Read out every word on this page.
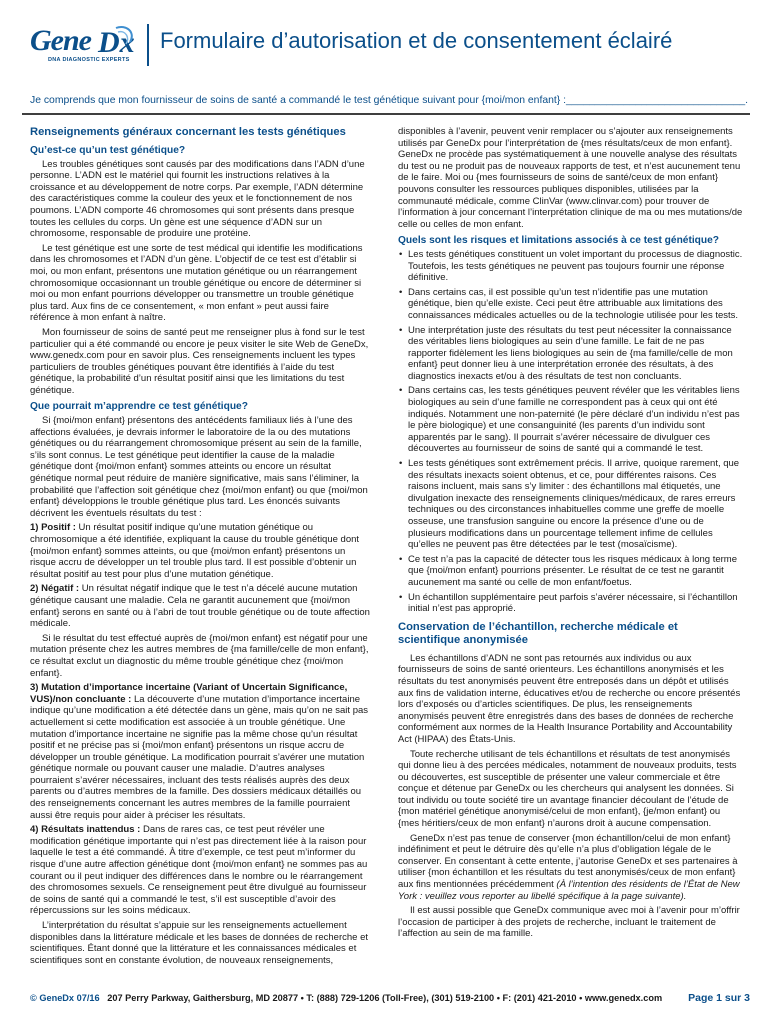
Gene Dx
DNA DIAGNOSTIC EXPERTS
Formulaire d’autorisation et de consentement éclairé
Je comprends que mon fournisseur de soins de santé a commandé le test génétique suivant pour {moi/mon enfant} :_______________________________.
Renseignements généraux concernant les tests génétiques
Qu’est-ce qu’un test génétique?

Les troubles génétiques sont causés par des modifications dans l’ADN d’une personne. L’ADN est le matériel qui fournit les instructions relatives à la croissance et au développement de notre corps. Par exemple, l’ADN détermine des caractéristiques comme la couleur des yeux et le fonctionnement de nos poumons. L’ADN comporte 46 chromosomes qui sont présents dans presque toutes les cellules du corps. Un gène est une séquence d’ADN sur un chromosome, responsable de produire une protéine.

Le test génétique est une sorte de test médical qui identifie les modifications dans les chromosomes et l’ADN d’un gène. L’objectif de ce test est d’établir si moi, ou mon enfant, présentons une mutation génétique ou un réarrangement chromosomique occasionnant un trouble génétique ou encore de déterminer si moi ou mon enfant pourrions développer ou transmettre un trouble génétique plus tard. Aux fins de ce consentement, « mon enfant » peut aussi faire référence à mon enfant à naître.

Mon fournisseur de soins de santé peut me renseigner plus à fond sur le test particulier qui a été commandé ou encore je peux visiter le site Web de GeneDx, www.genedx.com pour en savoir plus. Ces renseignements incluent les types particuliers de troubles génétiques pouvant être identifiés à l’aide du test génétique, la probabilité d’un résultat positif ainsi que les limitations du test génétique.

Que pourrait m’apprendre ce test génétique?

Si {moi/mon enfant} présentons des antécédents familiaux liés à l’une des affections évaluées, je devrais informer le laboratoire de la ou des mutations génétiques ou du réarrangement chromosomique présent au sein de la famille, s’ils sont connus. Le test génétique peut identifier la cause de la maladie génétique dont {moi/mon enfant} sommes atteints ou encore un résultat génétique normal peut réduire de manière significative, mais sans l’éliminer, la probabilité que l’affection soit génétique chez {moi/mon enfant} ou que {moi/mon enfant} développions le trouble génétique plus tard. Les énoncés suivants décrivent les éventuels résultats du test :

1) Positif : Un résultat positif indique qu’une mutation génétique ou chromosomique a été identifiée, expliquant la cause du trouble génétique dont {moi/mon enfant} sommes atteints, ou que {moi/mon enfant} présentons un risque accru de développer un tel trouble plus tard. Il est possible d’obtenir un résultat positif au test pour plus d’une mutation génétique.

2) Négatif : Un résultat négatif indique que le test n’a décelé aucune mutation génétique causant une maladie. Cela ne garantit aucunement que {moi/mon enfant} serons en santé ou à l’abri de tout trouble génétique ou de toute affection médicale.

Si le résultat du test effectué auprès de {moi/mon enfant} est négatif pour une mutation présente chez les autres membres de {ma famille/celle de mon enfant}, ce résultat exclut un diagnostic du même trouble génétique chez {moi/mon enfant}.

3) Mutation d’importance incertaine (Variant of Uncertain Significance, VUS)/non concluante : La découverte d’une mutation d’importance incertaine indique qu’une modification a été détectée dans un gène, mais qu’on ne sait pas actuellement si cette modification est associée à un trouble génétique. Une mutation d’importance incertaine ne signifie pas la même chose qu’un résultat positif et ne précise pas si {moi/mon enfant} présentons un risque accru de développer un trouble génétique. La modification pourrait s’avérer une mutation génétique normale ou pouvant causer une maladie. D’autres analyses pourraient s’avérer nécessaires, incluant des tests réalisés auprès des deux parents ou d’autres membres de la famille. Des dossiers médicaux détaillés ou des renseignements concernant les autres membres de la famille pourraient aussi être requis pour aider à préciser les résultats.

4) Résultats inattendus : Dans de rares cas, ce test peut révéler une modification génétique importante qui n’est pas directement liée à la raison pour laquelle le test a été commandé. À titre d’exemple, ce test peut m’informer du risque d’une autre affection génétique dont {moi/mon enfant} ne sommes pas au courant ou il peut indiquer des différences dans le nombre ou le réarrangement des chromosomes sexuels. Ce renseignement peut être divulgué au fournisseur de soins de santé qui a commandé le test, s’il est susceptible d’avoir des répercussions sur les soins médicaux.

L’interprétation du résultat s’appuie sur les renseignements actuellement disponibles dans la littérature médicale et les bases de données de recherche et scientifiques. Étant donné que la littérature et les connaissances médicales et scientifiques sont en constante évolution, de nouveaux renseignements,

disponibles à l’avenir, peuvent venir remplacer ou s’ajouter aux renseignements utilisés par GeneDx pour l’interprétation de {mes résultats/ceux de mon enfant}. GeneDx ne procède pas systématiquement à une nouvelle analyse des résultats du test ou ne produit pas de nouveaux rapports de test, et n’est aucunement tenu de le faire. Moi ou {mes fournisseurs de soins de santé/ceux de mon enfant} pouvons consulter les ressources publiques disponibles, utilisées par la communauté médicale, comme ClinVar (www.clinvar.com) pour trouver de l’information à jour concernant l’interprétation clinique de ma ou mes mutations/de celle ou celles de mon enfant.

Quels sont les risques et limitations associés à ce test génétique?
• Les tests génétiques constituent un volet important du processus de diagnostic. Toutefois, les tests génétiques ne peuvent pas toujours fournir une réponse définitive.
• Dans certains cas, il est possible qu’un test n’identifie pas une mutation génétique, bien qu’elle existe. Ceci peut être attribuable aux limitations des connaissances médicales actuelles ou de la technologie utilisée pour les tests.
• Une interprétation juste des résultats du test peut nécessiter la connaissance des véritables liens biologiques au sein d’une famille. Le fait de ne pas rapporter fidèlement les liens biologiques au sein de {ma famille/celle de mon enfant} peut donner lieu à une interprétation erronée des résultats, à des diagnostics inexacts et/ou à des résultats de test non concluants.
• Dans certains cas, les tests génétiques peuvent révéler que les véritables liens biologiques au sein d’une famille ne correspondent pas à ceux qui ont été indiqués. Notamment une non-paternité (le père déclaré d’un individu n’est pas le père biologique) et une consanguinité (les parents d’un individu sont apparentés par le sang). Il pourrait s’avérer nécessaire de divulguer ces découvertes au fournisseur de soins de santé qui a commandé le test.
• Les tests génétiques sont extrêmement précis. Il arrive, quoique rarement, que des résultats inexacts soient obtenus, et ce, pour différentes raisons. Ces raisons incluent, mais sans s’y limiter : des échantillons mal étiquetés, une divulgation inexacte des renseignements cliniques/médicaux, de rares erreurs techniques ou des circonstances inhabituelles comme une greffe de moelle osseuse, une transfusion sanguine ou encore la présence d’une ou de plusieurs modifications dans un pourcentage tellement infime de cellules qu’elles ne peuvent pas être détectées par le test (mosaïcisme).
• Ce test n’a pas la capacité de détecter tous les risques médicaux à long terme que {moi/mon enfant} pourrions présenter. Le résultat de ce test ne garantit aucunement ma santé ou celle de mon enfant/foetus.
• Un échantillon supplémentaire peut parfois s’avérer nécessaire, si l’échantillon initial n’est pas approprié.
Conservation de l’échantillon, recherche médicale et scientifique anonymisée

Les échantillons d’ADN ne sont pas retournés aux individus ou aux fournisseurs de soins de santé orienteurs. Les échantillons anonymisés et les résultats du test anonymisés peuvent être entreposés dans un dépôt et utilisés aux fins de validation interne, éducatives et/ou de recherche ou encore présentés lors d’exposés ou d’articles scientifiques. De plus, les renseignements anonymisés peuvent être enregistrés dans des bases de données de recherche conformément aux normes de la Health Insurance Portability and Accountability Act (HIPAA) des États-Unis.

Toute recherche utilisant de tels échantillons et résultats de test anonymisés qui donne lieu à des percées médicales, notamment de nouveaux produits, tests ou découvertes, est susceptible de présenter une valeur commerciale et être conçue et détenue par GeneDx ou les chercheurs qui analysent les données. Si tout individu ou toute société tire un avantage financier découlant de l’étude de {mon matériel génétique anonymisé/celui de mon enfant}, {je/mon enfant} ou {mes héritiers/ceux de mon enfant} n’aurons droit à aucune compensation.

GeneDx n’est pas tenue de conserver {mon échantillon/celui de mon enfant} indéfiniment et peut le détruire dès qu’elle n’a plus d’obligation légale de le conserver. En consentant à cette entente, j’autorise GeneDx et ses partenaires à utiliser {mon échantillon et les résultats du test anonymisés/ceux de mon enfant} aux fins mentionnées précédemment (À l’intention des résidents de l’État de New York : veuillez vous reporter au libellé spécifique à la page suivante).

Il est aussi possible que GeneDx communique avec moi à l’avenir pour m’offrir l’occasion de participer à des projets de recherche, incluant le traitement de l’affection au sein de ma famille.

© GeneDx 07/16 207 Perry Parkway, Gaithersburg, MD 20877 • T: (888) 729-1206 (Toll-Free), (301) 519-2100 • F: (201) 421-2010 • www.genedx.com Page 1 sur 3
